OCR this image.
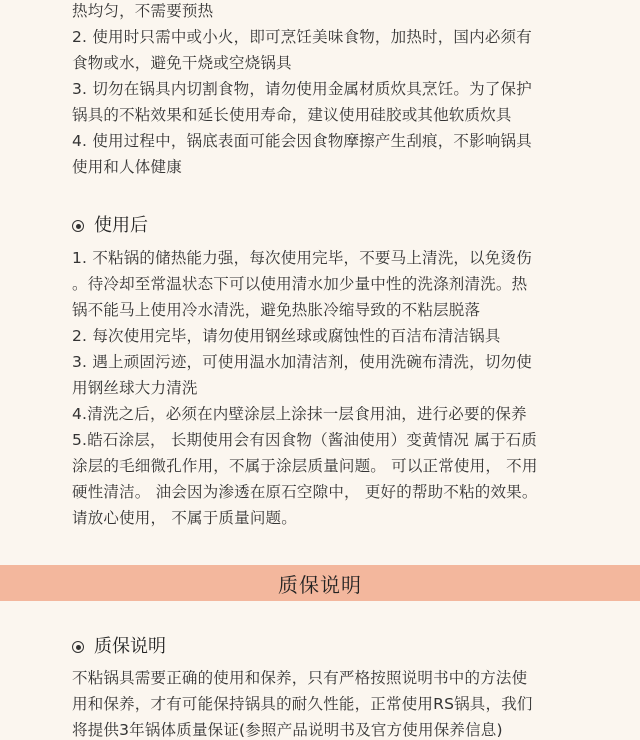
热均匀，不需要预热
2. 使用时只需中或小火，即可烹饪美味食物，加热时，国内必须有
食物或水，避免干烧或空烧锅具
3. 切勿在锅具内切割食物，请勿使用金属材质炊具烹饪。为了保护
锅具的不粘效果和延长使用寿命，建议使用硅胶或其他软质炊具
4. 使用过程中，锅底表面可能会因食物摩擦产生刮痕，不影响锅具
使用和人体健康
使用后
1. 不粘锅的储热能力强，每次使用完毕，不要马上清洗，以免烫伤
。待冷却至常温状态下可以使用清水加少量中性的洗涤剂清洗。热
锅不能马上使用冷水清洗，避免热胀冷缩导致的不粘层脱落
2. 每次使用完毕，请勿使用钢丝球或腐蚀性的百洁布清洁锅具
3. 遇上顽固污迹，可使用温水加清洁剂，使用洗碗布清洗，切勿使
用钢丝球大力清洗
4.清洗之后，必须在内壁涂层上涂抹一层食用油，进行必要的保养
5.皓石涂层， 长期使用会有因食物（酱油使用）变黄情况 属于石质
涂层的毛细微孔作用，不属于涂层质量问题。 可以正常使用， 不用
硬性清洁。 油会因为渗透在原石空隙中， 更好的帮助不粘的效果。
请放心使用， 不属于质量问题。
质保说明
质保说明
不粘锅具需要正确的使用和保养，只有严格按照说明书中的方法使
用和保养，才有可能保持锅具的耐久性能，正常使用RS锅具，我们
将提供3年锅体质量保证(参照产品说明书及官方使用保养信息)
